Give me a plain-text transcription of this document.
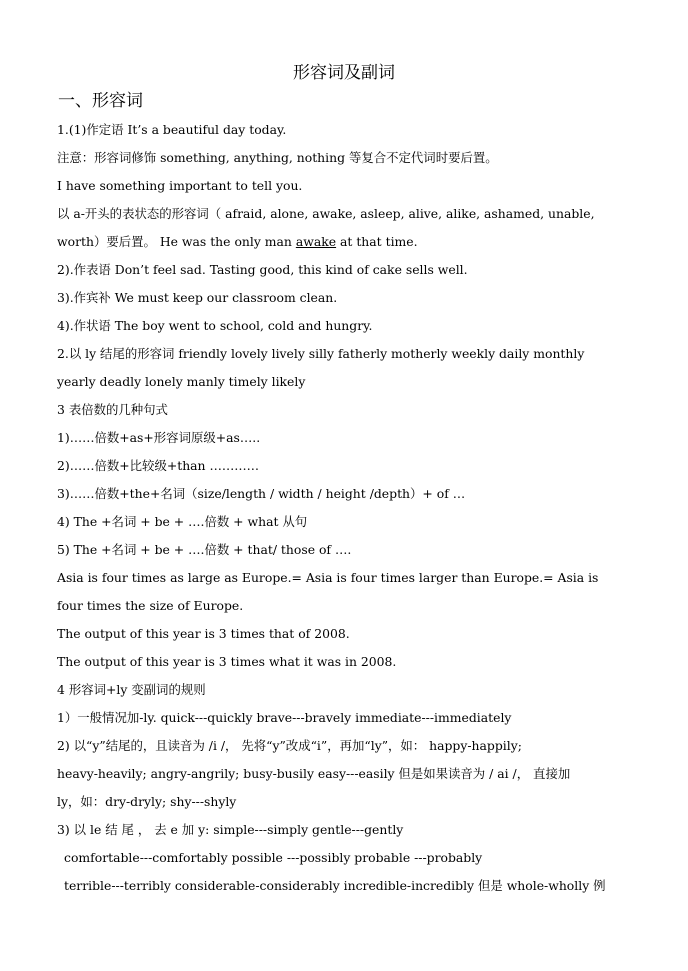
形容词及副词
一、形容词
1.(1)作定语 It’s a beautiful day today.
注意：形容词修饰 something, anything, nothing 等复合不定代词时要后置。
I have something important to tell you.
以 a-开头的表状态的形容词（ afraid, alone, awake, asleep, alive, alike, ashamed, unable,
worth）要后置。 He was the only man awake at that time.
2).作表语 Don’t feel sad. Tasting good, this kind of cake sells well.
3).作宾补 We must keep our classroom clean.
4).作状语 The boy went to school, cold and hungry.
2.以 ly 结尾的形容词 friendly lovely lively silly fatherly motherly weekly daily monthly
yearly deadly lonely manly timely likely
3 表倍数的几种句式
1)……倍数+as+形容词原级+as…..
2)……倍数+比较级+than …………
3)……倍数+the+名词（size/length / width / height /depth）+ of …
4) The +名词 + be + ….倍数 + what 从句
5) The +名词 + be + ….倍数 + that/ those of ….
Asia is four times as large as Europe.= Asia is four times larger than Europe.= Asia is
four times the size of Europe.
The output of this year is 3 times that of 2008.
The output of this year is 3 times what it was in 2008.
4 形容词+ly 变副词的规则
1）一般情况加-ly. quick---quickly brave---bravely immediate---immediately
2) 以“y”结尾的，且读音为 /i /， 先将“y”改成“i”，再加“ly”，如： happy-happily;
heavy-heavily; angry-angrily; busy-busily easy---easily 但是如果读音为 / ai /， 直接加
ly，如：dry-dryly; shy---shyly
3) 以 le 结 尾 ， 去 e 加 y: simple---simply gentle---gently
comfortable---comfortably possible ---possibly probable ---probably
terrible---terribly considerable-considerably incredible-incredibly 但是 whole-wholly 例
